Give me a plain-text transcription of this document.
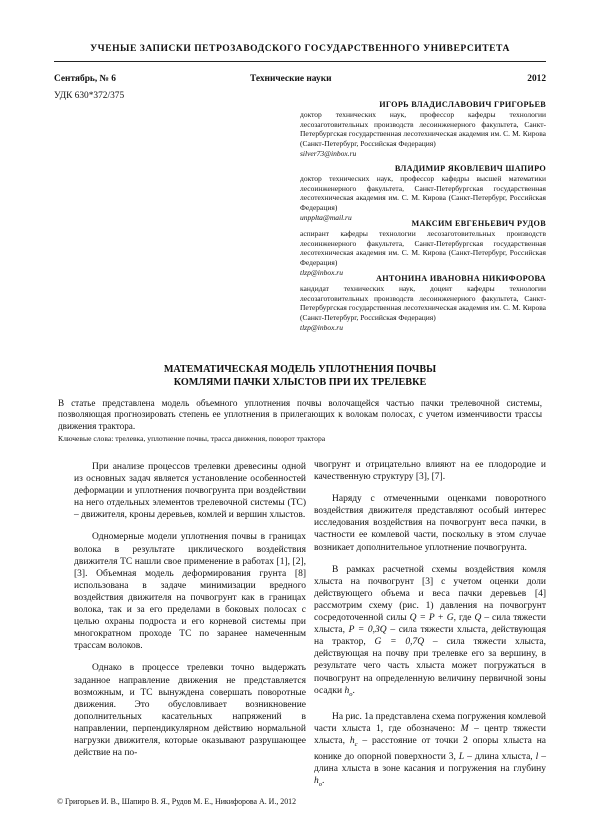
УЧЕНЫЕ ЗАПИСКИ ПЕТРОЗАВОДСКОГО ГОСУДАРСТВЕННОГО УНИВЕРСИТЕТА
Сентябрь, № 6	Технические науки	2012
УДК 630*372/375
ИГОРЬ ВЛАДИСЛАВОВИЧ ГРИГОРЬЕВ
доктор технических наук, профессор кафедры технологии лесозаготовительных производств лесоинженерного факультета, Санкт-Петербургская государственная лесотехническая академия им. С. М. Кирова (Санкт-Петербург, Российская Федерация)
silver73@inbox.ru
ВЛАДИМИР ЯКОВЛЕВИЧ ШАПИРО
доктор технических наук, профессор кафедры высшей математики лесоинженерного факультета, Санкт-Петербургская государственная лесотехническая академия им. С. М. Кирова (Санкт-Петербург, Российская Федерация)
unpplta@mail.ru
МАКСИМ ЕВГЕНЬЕВИЧ РУДОВ
аспирант кафедры технологии лесозаготовительных производств лесоинженерного факультета, Санкт-Петербургская государственная лесотехническая академия им. С. М. Кирова (Санкт-Петербург, Российская Федерация)
tlzp@inbox.ru
АНТОНИНА ИВАНОВНА НИКИФОРОВА
кандидат технических наук, доцент кафедры технологии лесозаготовительных производств лесоинженерного факультета, Санкт-Петербургская государственная лесотехническая академия им. С. М. Кирова (Санкт-Петербург, Российская Федерация)
tlzp@inbox.ru
МАТЕМАТИЧЕСКАЯ МОДЕЛЬ УПЛОТНЕНИЯ ПОЧВЫ
КОМЛЯМИ ПАЧКИ ХЛЫСТОВ ПРИ ИХ ТРЕЛЕВКЕ
В статье представлена модель объемного уплотнения почвы волочащейся частью пачки трелевочной системы, позволяющая прогнозировать степень ее уплотнения в прилегающих к волокам полосах, с учетом изменчивости трассы движения трактора.
Ключевые слова: трелевка, уплотнение почвы, трасса движения, поворот трактора

При анализе процессов трелевки древесины одной из основных задач является установление особенностей деформации и уплотнения почвогрунта при воздействии на него отдельных элементов трелевочной системы (ТС) – движителя, кроны деревьев, комлей и вершин хлыстов.

Одномерные модели уплотнения почвы в границах волока в результате циклического воздействия движителя ТС нашли свое применение в работах [1], [2], [3]. Объемная модель деформирования грунта [8] использована в задаче минимизации вредного воздействия движителя на почвогрунт как в границах волока, так и за его пределами в боковых полосах с целью охраны подроста и его корневой системы при многократном проходе ТС по заранее намеченным трассам волоков.

Однако в процессе трелевки точно выдержать заданное направление движения не представляется возможным, и ТС вынуждена совершать поворотные движения. Это обусловливает возникновение дополнительных касательных напряжений в направлении, перпендикулярном действию нормальной нагрузки движителя, которые оказывают разрушающее действие на по-

чвогрунт и отрицательно влияют на ее плодородие и качественную структуру [3], [7].

Наряду с отмеченными оценками поворотного воздействия движителя представляют особый интерес исследования воздействия на почвогрунт веса пачки, в частности ее комлевой части, поскольку в этом случае возникает дополнительное уплотнение почвогрунта.

В рамках расчетной схемы воздействия комля хлыста на почвогрунт [3] с учетом оценки доли действующего объема и веса пачки деревьев [4] рассмотрим схему (рис. 1) давления на почвогрунт сосредоточенной силы Q = P + G, где Q – сила тяжести хлыста, P = 0,3Q – сила тяжести хлыста, действующая на трактор, G = 0,7Q – сила тяжести хлыста, действующая на почву при трелевке его за вершину, в результате чего часть хлыста может погружаться в почвогрунт на определенную величину первичной зоны осадки $h_o$.

На рис. 1а представлена схема погружения комлевой части хлыста 1, где обозначено: M – центр тяжести хлыста, $h_c$ – расстояние от точки 2 опоры хлыста на конике до опорной поверхности 3, L – длина хлыста, l – длина хлыста в зоне касания и погружения на глубину $h_o$.

© Григорьев И. В., Шапиро В. Я., Рудов М. Е., Никифорова А. И., 2012
